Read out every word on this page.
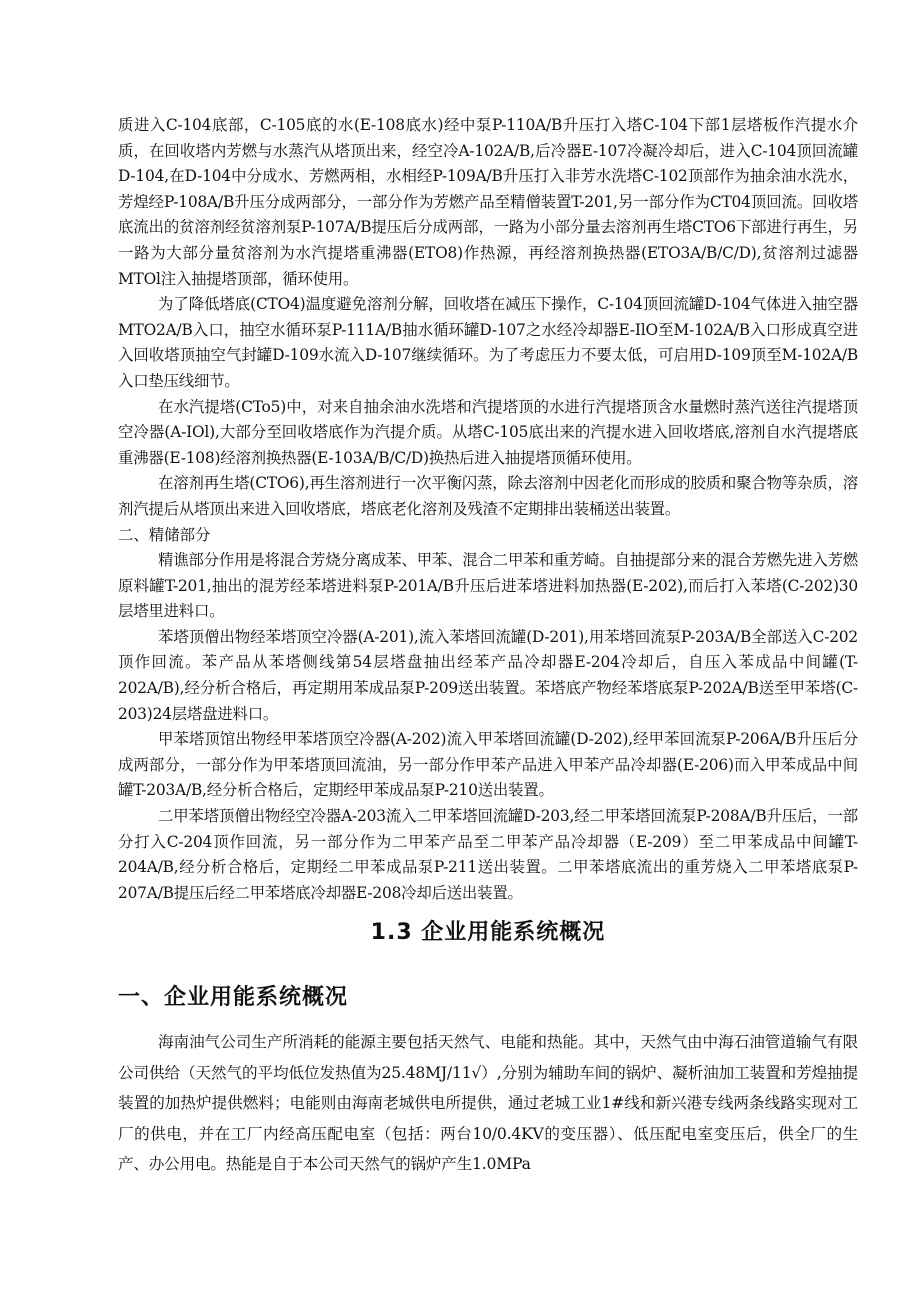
质进入C-104底部，C-105底的水(E-108底水)经中泵P-110A/B升压打入塔C-104下部1层塔板作汽提水介质，在回收塔内芳燃与水蒸汽从塔顶出来，经空冷A-102A/B,后冷器E-107冷凝冷却后，进入C-104顶回流罐D-104,在D-104中分成水、芳燃两相，水相经P-109A/B升压打入非芳水洗塔C-102顶部作为抽余油水洗水，芳煌经P-108A/B升压分成两部分，一部分作为芳燃产品至精僧装置T-201,另一部分作为CT04顶回流。回收塔底流出的贫溶剂经贫溶剂泵P-107A/B提压后分成两部，一路为小部分量去溶剂再生塔CTO6下部进行再生，另一路为大部分量贫溶剂为水汽提塔重沸器(ETO8)作热源，再经溶剂换热器(ETO3A/B/C/D),贫溶剂过滤器MTOl注入抽提塔顶部，循环使用。

为了降低塔底(CTO4)温度避免溶剂分解，回收塔在减压下操作，C-104顶回流罐D-104气体进入抽空器MTO2A/B入口，抽空水循环泵P-111A/B抽水循环罐D-107之水经冷却器E-IlO至M-102A/B入口形成真空进入回收塔顶抽空气封罐D-109水流入D-107继续循环。为了考虑压力不要太低，可启用D-109顶至M-102A/B入口垫压线细节。

在水汽提塔(CTo5)中，对来自抽余油水洗塔和汽提塔顶的水进行汽提塔顶含水量燃时蒸汽送往汽提塔顶空冷器(A-IOl),大部分至回收塔底作为汽提介质。从塔C-105底出来的汽提水进入回收塔底,溶剂自水汽提塔底重沸器(E-108)经溶剂换热器(E-103A/B/C/D)换热后进入抽提塔顶循环使用。

在溶剂再生塔(CTO6),再生溶剂进行一次平衡闪蒸，除去溶剂中因老化而形成的胶质和聚合物等杂质，溶剂汽提后从塔顶出来进入回收塔底，塔底老化溶剂及残渣不定期排出装桶送出装置。

二、精储部分

精谯部分作用是将混合芳烧分离成苯、甲苯、混合二甲苯和重芳崎。自抽提部分来的混合芳燃先进入芳燃原料罐T-201,抽出的混芳经苯塔进料泵P-201A/B升压后进苯塔进料加热器(E-202),而后打入苯塔(C-202)30层塔里进料口。

苯塔顶僧出物经苯塔顶空冷器(A-201),流入苯塔回流罐(D-201),用苯塔回流泵P-203A/B全部送入C-202顶作回流。苯产品从苯塔侧线第54层塔盘抽出经苯产品冷却器E-204冷却后，自压入苯成品中间罐(T-202A/B),经分析合格后，再定期用苯成品泵P-209送出装置。苯塔底产物经苯塔底泵P-202A/B送至甲苯塔(C-203)24层塔盘进料口。

甲苯塔顶馆出物经甲苯塔顶空冷器(A-202)流入甲苯塔回流罐(D-202),经甲苯回流泵P-206A/B升压后分成两部分，一部分作为甲苯塔顶回流油，另一部分作甲苯产品进入甲苯产品冷却器(E-206)而入甲苯成品中间罐T-203A/B,经分析合格后，定期经甲苯成品泵P-210送出装置。

二甲苯塔顶僧出物经空冷器A-203流入二甲苯塔回流罐D-203,经二甲苯塔回流泵P-208A/B升压后，一部分打入C-204顶作回流，另一部分作为二甲苯产品至二甲苯产品冷却器（E-209）至二甲苯成品中间罐T-204A/B,经分析合格后，定期经二甲苯成品泵P-211送出装置。二甲苯塔底流出的重芳烧入二甲苯塔底泵P-207A/B提压后经二甲苯塔底冷却器E-208冷却后送出装置。

1.3 企业用能系统概况
一、企业用能系统概况

海南油气公司生产所消耗的能源主要包括天然气、电能和热能。其中，天然气由中海石油管道输气有限公司供给（天然气的平均低位发热值为25.48MJ/11√）,分别为辅助车间的锅炉、凝析油加工装置和芳煌抽提装置的加热炉提供燃料；电能则由海南老城供电所提供，通过老城工业1#线和新兴港专线两条线路实现对工厂的供电，并在工厂内经高压配电室（包括：两台10/0.4KV的变压器）、低压配电室变压后，供全厂的生产、办公用电。热能是自于本公司天然气的锅炉产生1.0MPa
